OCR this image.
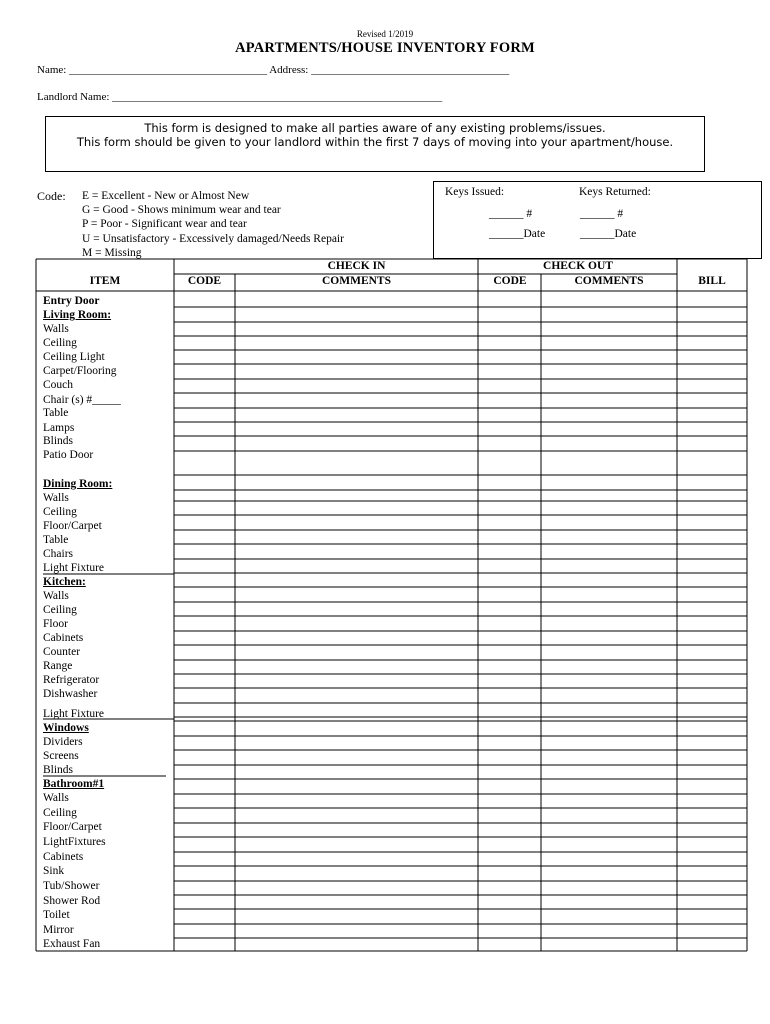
Revised 1/2019
APARTMENTS/HOUSE INVENTORY FORM
Name: ____________________________________ Address: ____________________________________
Landlord Name: ____________________________________________________________
This form is designed to make all parties aware of any existing problems/issues.
This form should be given to your landlord within the first 7 days of moving into your apartment/house.
Code: E = Excellent - New or Almost New
G = Good - Shows minimum wear and tear
P = Poor - Significant wear and tear
U = Unsatisfactory - Excessively damaged/Needs Repair
M = Missing
Keys Issued:	Keys Returned:
______ #	______ #
______Date	______Date
CHECK IN	CHECK OUT
ITEM	CODE	COMMENTS	CODE	COMMENTS	BILL
Entry Door
Living Room:
Walls
Ceiling
Ceiling Light
Carpet/Flooring
Couch
Chair (s) #_____
Table
Lamps
Blinds
Patio Door
Dining Room:
Walls
Ceiling
Floor/Carpet
Table
Chairs
Light Fixture
Kitchen:
Walls
Ceiling
Floor
Cabinets
Counter
Range
Refrigerator
Dishwasher
Light Fixture
Windows
Dividers
Screens
Blinds
Bathroom#1
Walls
Ceiling
Floor/Carpet
LightFixtures
Cabinets
Sink
Tub/Shower
Shower Rod
Toilet
Mirror
Exhaust Fan
